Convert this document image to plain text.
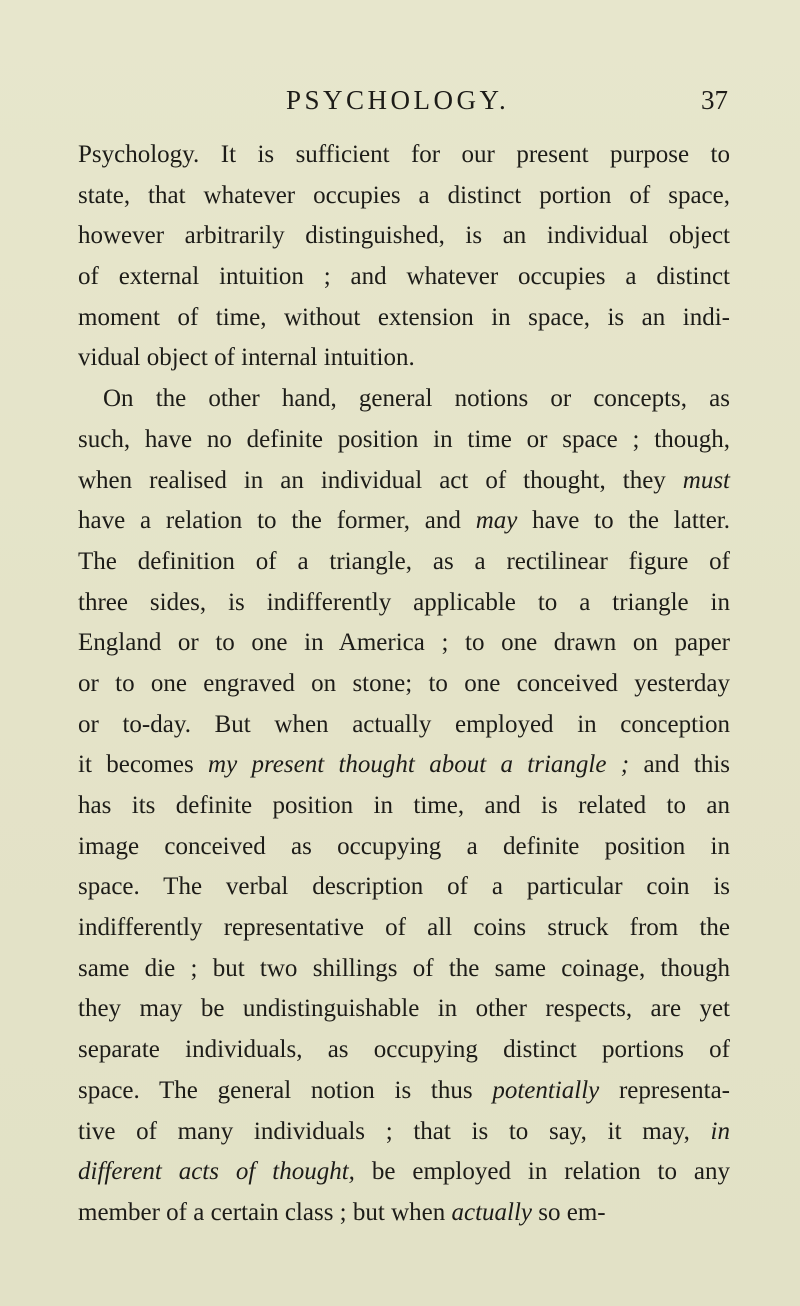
PSYCHOLOGY.	37
Psychology. It is sufficient for our present purpose to
state, that whatever occupies a distinct portion of space,
however arbitrarily distinguished, is an individual object
of external intuition ; and whatever occupies a distinct
moment of time, without extension in space, is an indi-
vidual object of internal intuition.
On the other hand, general notions or concepts, as
such, have no definite position in time or space ; though,
when realised in an individual act of thought, they must
have a relation to the former, and may have to the latter.
The definition of a triangle, as a rectilinear figure of
three sides, is indifferently applicable to a triangle in
England or to one in America ; to one drawn on paper
or to one engraved on stone; to one conceived yesterday
or to-day. But when actually employed in conception
it becomes my present thought about a triangle ; and this
has its definite position in time, and is related to an
image conceived as occupying a definite position in
space. The verbal description of a particular coin is
indifferently representative of all coins struck from the
same die ; but two shillings of the same coinage, though
they may be undistinguishable in other respects, are yet
separate individuals, as occupying distinct portions of
space. The general notion is thus potentially representa-
tive of many individuals ; that is to say, it may, in
different acts of thought, be employed in relation to any
member of a certain class ; but when actually so em-
